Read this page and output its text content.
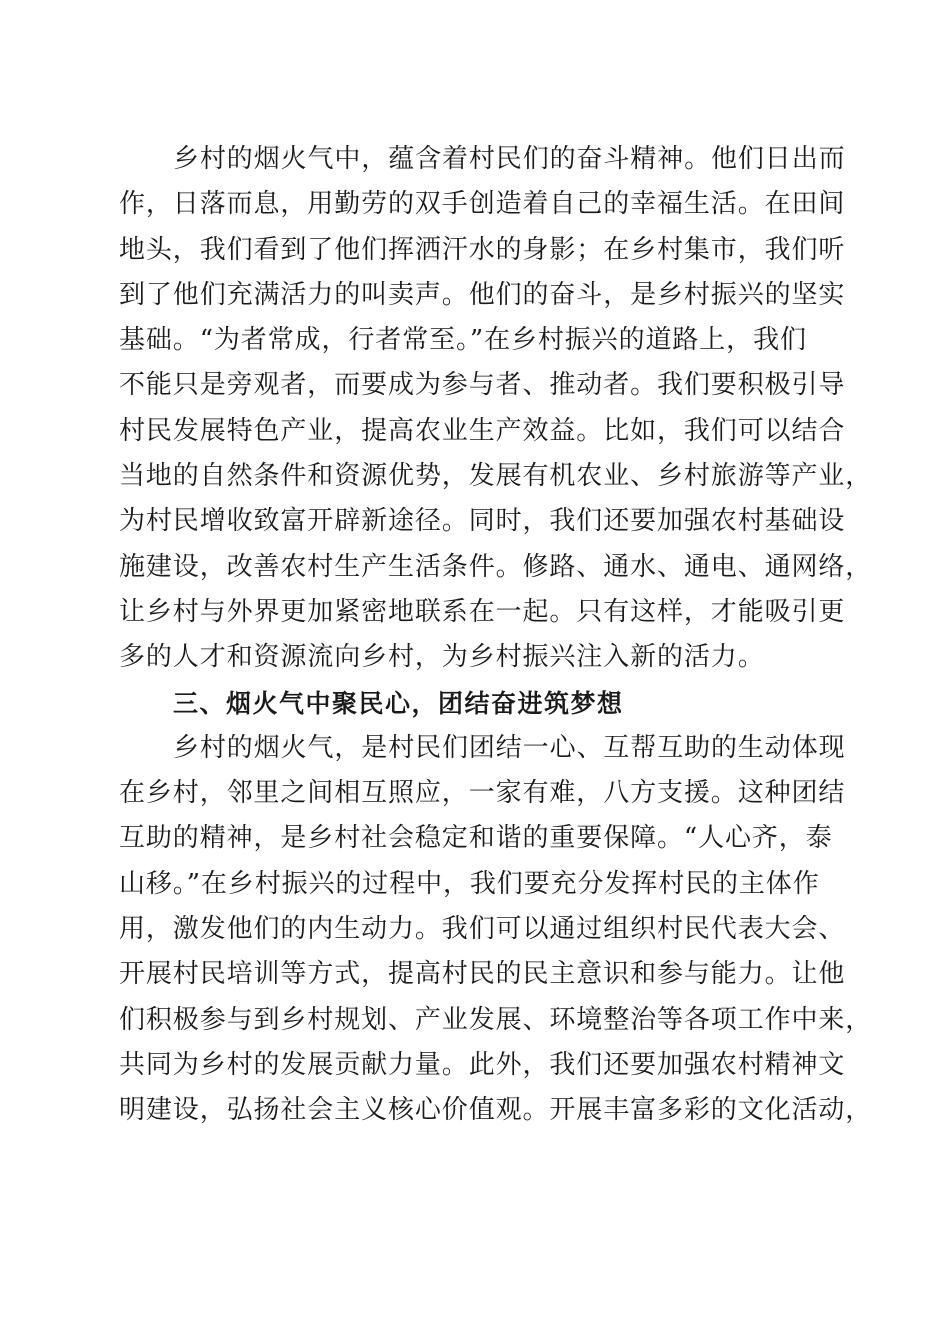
乡村的烟火气中，蕴含着村民们的奋斗精神。他们日出而
作，日落而息，用勤劳的双手创造着自己的幸福生活。在田间
地头，我们看到了他们挥洒汗水的身影；在乡村集市，我们听
到了他们充满活力的叫卖声。他们的奋斗，是乡村振兴的坚实
基础。“为者常成，行者常至。”在乡村振兴的道路上，我们
不能只是旁观者，而要成为参与者、推动者。我们要积极引导
村民发展特色产业，提高农业生产效益。比如，我们可以结合
当地的自然条件和资源优势，发展有机农业、乡村旅游等产业，
为村民增收致富开辟新途径。同时，我们还要加强农村基础设
施建设，改善农村生产生活条件。修路、通水、通电、通网络，
让乡村与外界更加紧密地联系在一起。只有这样，才能吸引更
多的人才和资源流向乡村，为乡村振兴注入新的活力。
三、烟火气中聚民心，团结奋进筑梦想
乡村的烟火气，是村民们团结一心、互帮互助的生动体现
在乡村，邻里之间相互照应，一家有难，八方支援。这种团结
互助的精神，是乡村社会稳定和谐的重要保障。“人心齐，泰
山移。”在乡村振兴的过程中，我们要充分发挥村民的主体作
用，激发他们的内生动力。我们可以通过组织村民代表大会、
开展村民培训等方式，提高村民的民主意识和参与能力。让他
们积极参与到乡村规划、产业发展、环境整治等各项工作中来，
共同为乡村的发展贡献力量。此外，我们还要加强农村精神文
明建设，弘扬社会主义核心价值观。开展丰富多彩的文化活动，
